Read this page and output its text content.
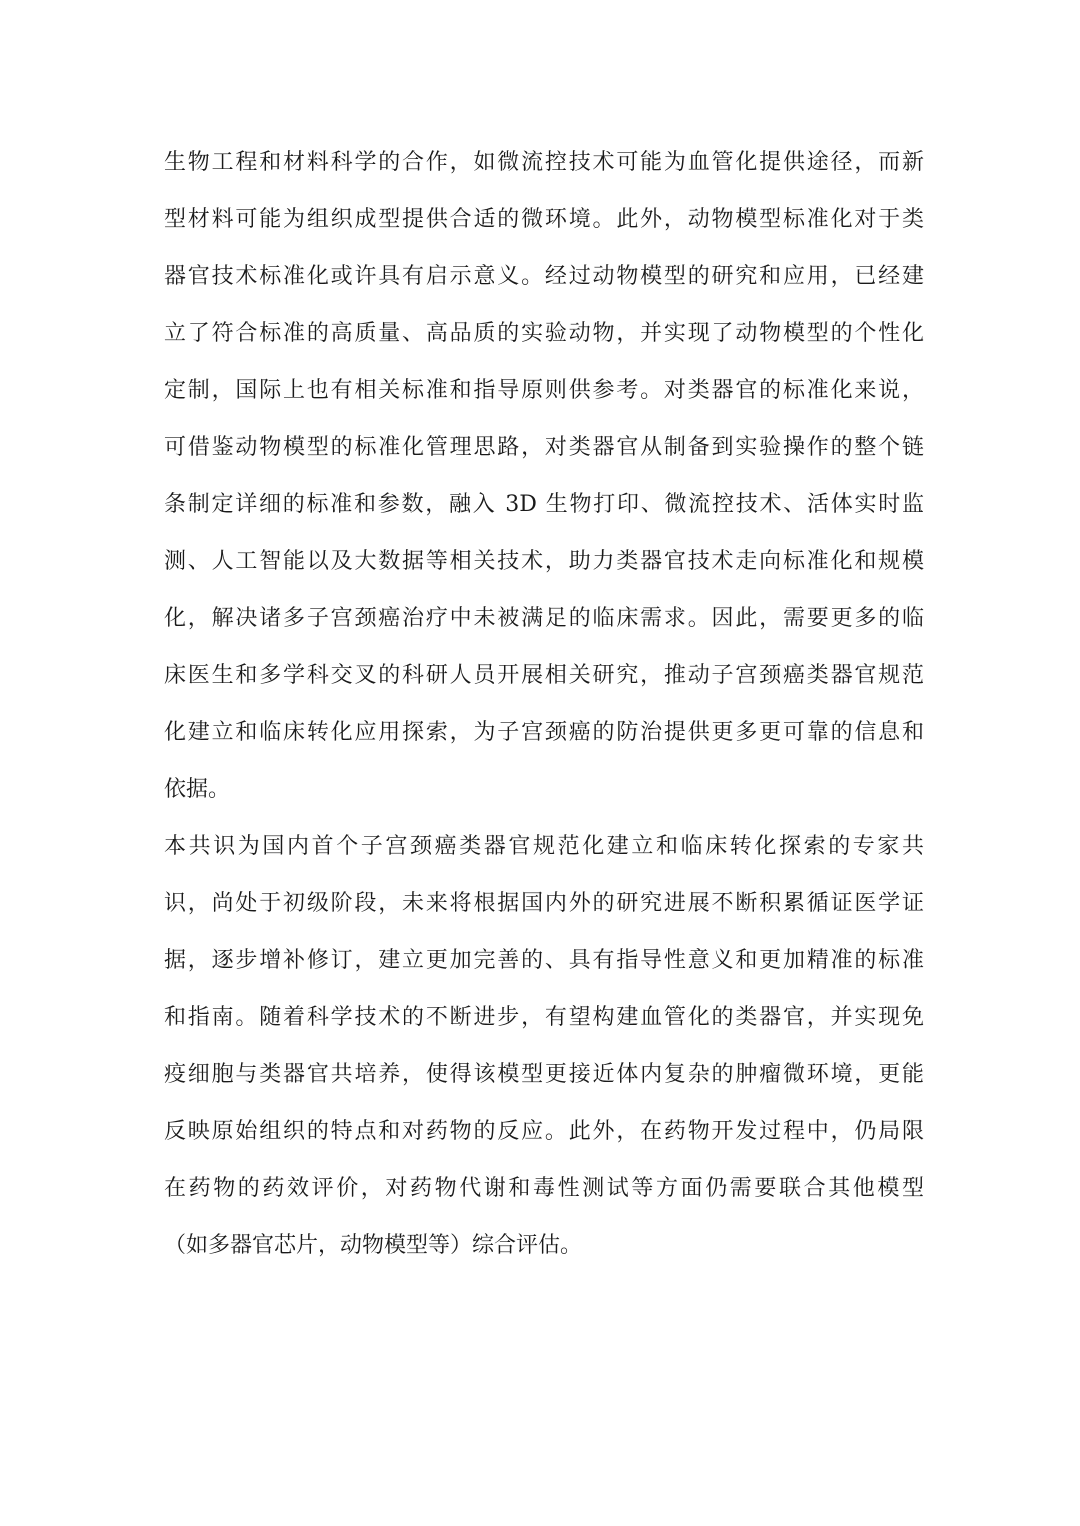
生物工程和材料科学的合作，如微流控技术可能为血管化提供途径，而新
型材料可能为组织成型提供合适的微环境。此外，动物模型标准化对于类
器官技术标准化或许具有启示意义。经过动物模型的研究和应用，已经建
立了符合标准的高质量、高品质的实验动物，并实现了动物模型的个性化
定制，国际上也有相关标准和指导原则供参考。对类器官的标准化来说，
可借鉴动物模型的标准化管理思路，对类器官从制备到实验操作的整个链
条制定详细的标准和参数，融入 3D 生物打印、微流控技术、活体实时监
测、人工智能以及大数据等相关技术，助力类器官技术走向标准化和规模
化，解决诸多子宫颈癌治疗中未被满足的临床需求。因此，需要更多的临
床医生和多学科交叉的科研人员开展相关研究，推动子宫颈癌类器官规范
化建立和临床转化应用探索，为子宫颈癌的防治提供更多更可靠的信息和
依据。
本共识为国内首个子宫颈癌类器官规范化建立和临床转化探索的专家共
识，尚处于初级阶段，未来将根据国内外的研究进展不断积累循证医学证
据，逐步增补修订，建立更加完善的、具有指导性意义和更加精准的标准
和指南。随着科学技术的不断进步，有望构建血管化的类器官，并实现免
疫细胞与类器官共培养，使得该模型更接近体内复杂的肿瘤微环境，更能
反映原始组织的特点和对药物的反应。此外，在药物开发过程中，仍局限
在药物的药效评价，对药物代谢和毒性测试等方面仍需要联合其他模型
（如多器官芯片，动物模型等）综合评估。
